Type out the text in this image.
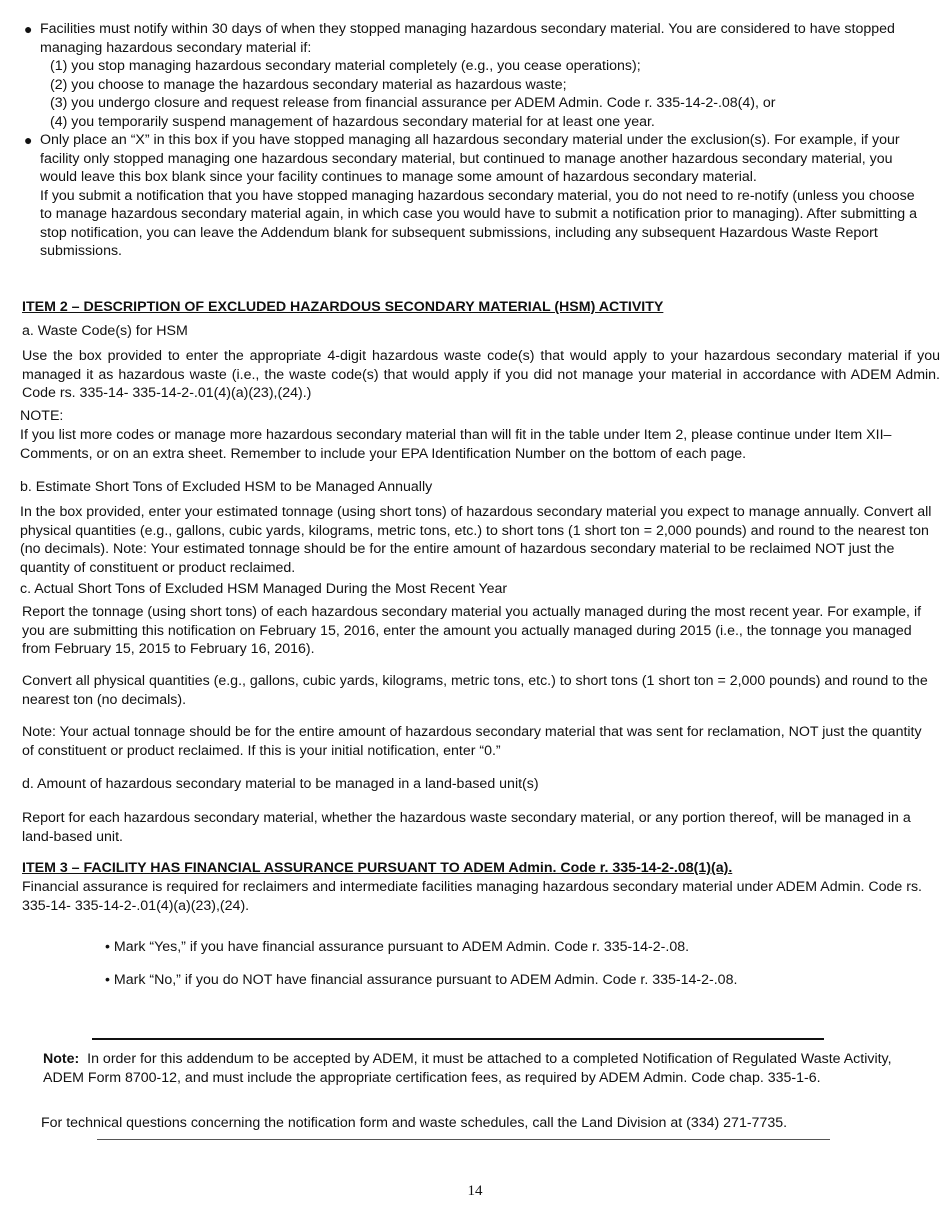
● Facilities must notify within 30 days of when they stopped managing hazardous secondary material. You are considered to have stopped managing hazardous secondary material if:
(1) you stop managing hazardous secondary material completely (e.g., you cease operations);
(2) you choose to manage the hazardous secondary material as hazardous waste;
(3) you undergo closure and request release from financial assurance per ADEM Admin. Code r. 335-14-2-.08(4), or
(4) you temporarily suspend management of hazardous secondary material for at least one year.
● Only place an “X” in this box if you have stopped managing all hazardous secondary material under the exclusion(s). For example, if your facility only stopped managing one hazardous secondary material, but continued to manage another hazardous secondary material, you would leave this box blank since your facility continues to manage some amount of hazardous secondary material.
If you submit a notification that you have stopped managing hazardous secondary material, you do not need to re-notify (unless you choose to manage hazardous secondary material again, in which case you would have to submit a notification prior to managing). After submitting a stop notification, you can leave the Addendum blank for subsequent submissions, including any subsequent Hazardous Waste Report submissions.
ITEM 2 – DESCRIPTION OF EXCLUDED HAZARDOUS SECONDARY MATERIAL (HSM) ACTIVITY
a. Waste Code(s) for HSM
Use the box provided to enter the appropriate 4-digit hazardous waste code(s) that would apply to your hazardous secondary material if you managed it as hazardous waste (i.e., the waste code(s) that would apply if you did not manage your material in accordance with ADEM Admin. Code rs. 335-14- 335-14-2-.01(4)(a)(23),(24).)
NOTE:
If you list more codes or manage more hazardous secondary material than will fit in the table under Item 2, please continue under Item XII–Comments, or on an extra sheet. Remember to include your EPA Identification Number on the bottom of each page.
b. Estimate Short Tons of Excluded HSM to be Managed Annually
In the box provided, enter your estimated tonnage (using short tons) of hazardous secondary material you expect to manage annually. Convert all physical quantities (e.g., gallons, cubic yards, kilograms, metric tons, etc.) to short tons (1 short ton = 2,000 pounds) and round to the nearest ton (no decimals). Note: Your estimated tonnage should be for the entire amount of hazardous secondary material to be reclaimed NOT just the quantity of constituent or product reclaimed.
c. Actual Short Tons of Excluded HSM Managed During the Most Recent Year
Report the tonnage (using short tons) of each hazardous secondary material you actually managed during the most recent year. For example, if you are submitting this notification on February 15, 2016, enter the amount you actually managed during 2015 (i.e., the tonnage you managed from February 15, 2015 to February 16, 2016).
Convert all physical quantities (e.g., gallons, cubic yards, kilograms, metric tons, etc.) to short tons (1 short ton = 2,000 pounds) and round to the nearest ton (no decimals).
Note: Your actual tonnage should be for the entire amount of hazardous secondary material that was sent for reclamation, NOT just the quantity of constituent or product reclaimed. If this is your initial notification, enter “0.”
d. Amount of hazardous secondary material to be managed in a land-based unit(s)
Report for each hazardous secondary material, whether the hazardous waste secondary material, or any portion thereof, will be managed in a land-based unit.
ITEM 3 – FACILITY HAS FINANCIAL ASSURANCE PURSUANT TO ADEM Admin. Code r. 335-14-2-.08(1)(a).
Financial assurance is required for reclaimers and intermediate facilities managing hazardous secondary material under ADEM Admin. Code rs. 335-14- 335-14-2-.01(4)(a)(23),(24).
• Mark “Yes,” if you have financial assurance pursuant to ADEM Admin. Code r. 335-14-2-.08.
• Mark “No,” if you do NOT have financial assurance pursuant to ADEM Admin. Code r. 335-14-2-.08.
Note: In order for this addendum to be accepted by ADEM, it must be attached to a completed Notification of Regulated Waste Activity, ADEM Form 8700-12, and must include the appropriate certification fees, as required by ADEM Admin. Code chap. 335-1-6.
For technical questions concerning the notification form and waste schedules, call the Land Division at (334) 271-7735.
14
